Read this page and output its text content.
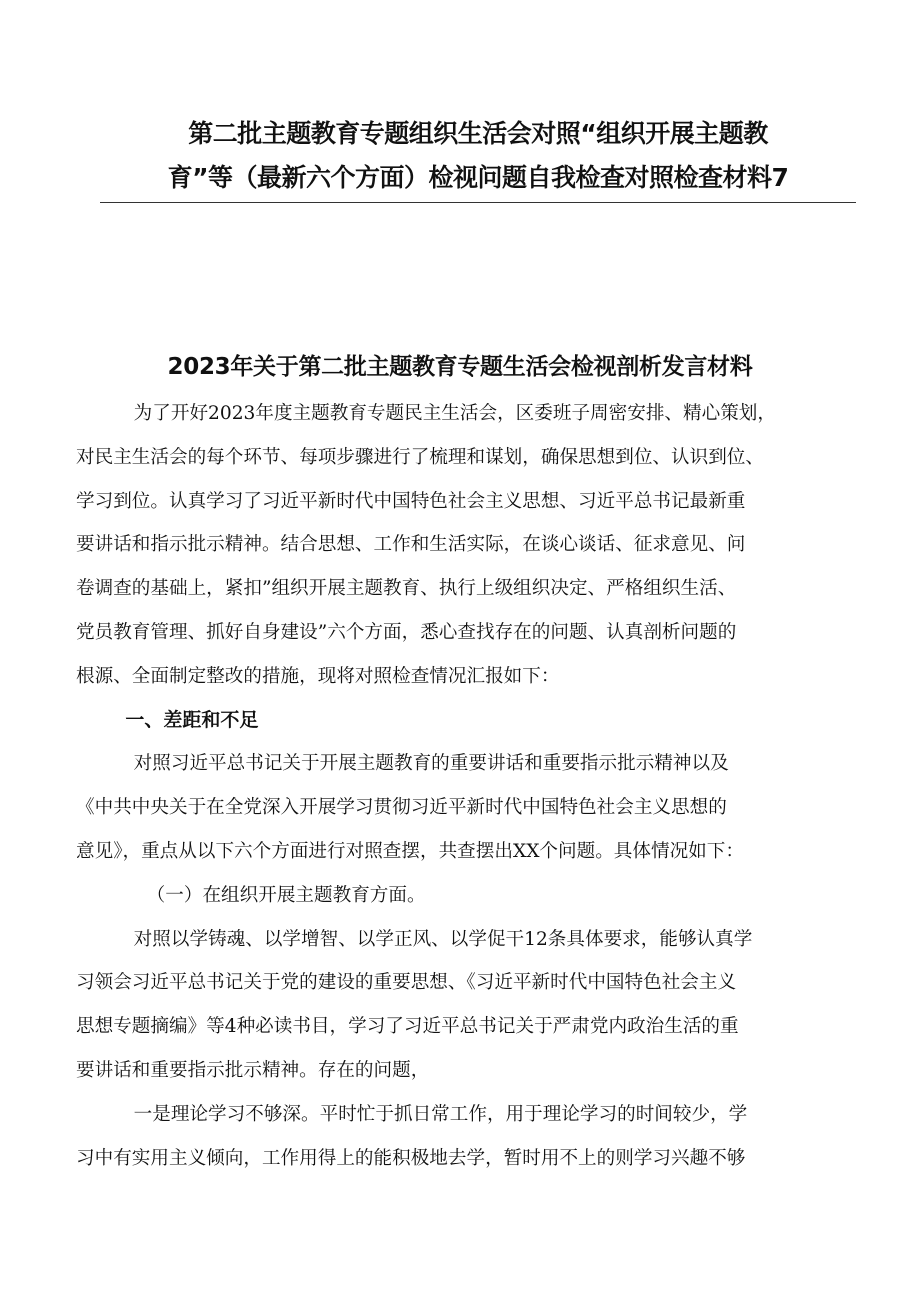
第二批主题教育专题组织生活会对照“组织开展主题教
育”等（最新六个方面）检视问题自我检查对照检查材料7
2023年关于第二批主题教育专题生活会检视剖析发言材料

为了开好2023年度主题教育专题民主生活会，区委班子周密安排、精心策划，
对民主生活会的每个环节、每项步骤进行了梳理和谋划，确保思想到位、认识到位、
学习到位。认真学习了习近平新时代中国特色社会主义思想、习近平总书记最新重
要讲话和指示批示精神。结合思想、工作和生活实际，在谈心谈话、征求意见、问
卷调查的基础上，紧扣”组织开展主题教育、执行上级组织决定、严格组织生活、
党员教育管理、抓好自身建设”六个方面，悉心查找存在的问题、认真剖析问题的
根源、全面制定整改的措施，现将对照检查情况汇报如下：

一、差距和不足

对照习近平总书记关于开展主题教育的重要讲话和重要指示批示精神以及
《中共中央关于在全党深入开展学习贯彻习近平新时代中国特色社会主义思想的
意见》，重点从以下六个方面进行对照查摆，共查摆出XX个问题。具体情况如下：

（一）在组织开展主题教育方面。

对照以学铸魂、以学增智、以学正风、以学促干12条具体要求，能够认真学
习领会习近平总书记关于党的建设的重要思想、《习近平新时代中国特色社会主义
思想专题摘编》等4种必读书目，学习了习近平总书记关于严肃党内政治生活的重
要讲话和重要指示批示精神。存在的问题，

一是理论学习不够深。平时忙于抓日常工作，用于理论学习的时间较少，学
习中有实用主义倾向，工作用得上的能积极地去学，暂时用不上的则学习兴趣不够
